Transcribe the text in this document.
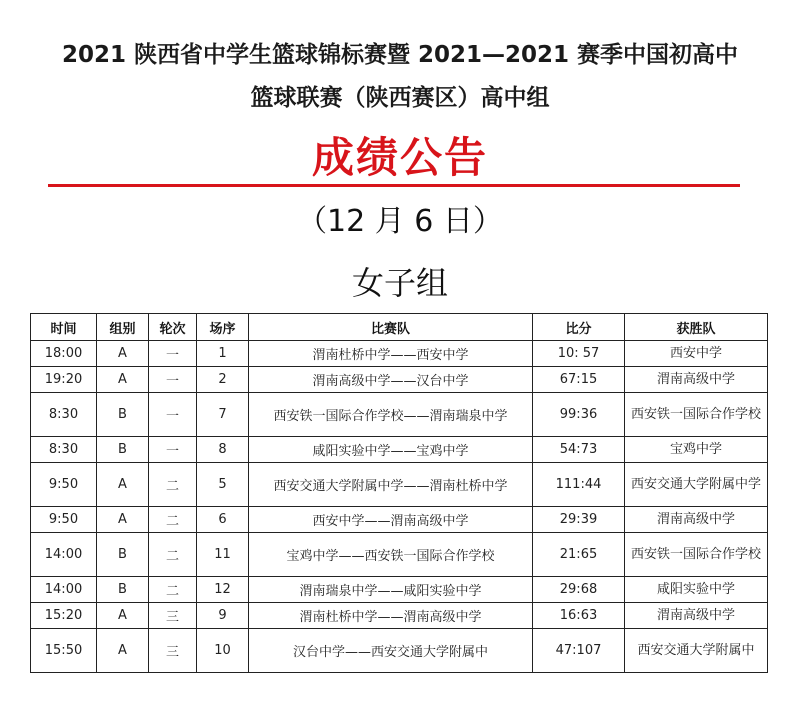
2021 陕西省中学生篮球锦标赛暨 2021—2021 赛季中国初高中
篮球联赛（陕西赛区）高中组
成绩公告
（12 月 6 日）
女子组
时间	组别	轮次	场序	比赛队	比分	获胜队
18:00	A	一	1	渭南杜桥中学——西安中学	10: 57	西安中学
19:20	A	一	2	渭南高级中学——汉台中学	67:15	渭南高级中学
8:30	B	一	7	西安铁一国际合作学校——渭南瑞泉中学	99:36	西安铁一国际合作学校
8:30	B	一	8	咸阳实验中学——宝鸡中学	54:73	宝鸡中学
9:50	A	二	5	西安交通大学附属中学——渭南杜桥中学	111:44	西安交通大学附属中学
9:50	A	二	6	西安中学——渭南高级中学	29:39	渭南高级中学
14:00	B	二	11	宝鸡中学——西安铁一国际合作学校	21:65	西安铁一国际合作学校
14:00	B	二	12	渭南瑞泉中学——咸阳实验中学	29:68	咸阳实验中学
15:20	A	三	9	渭南杜桥中学——渭南高级中学	16:63	渭南高级中学
15:50	A	三	10	汉台中学——西安交通大学附属中	47:107	西安交通大学附属中
